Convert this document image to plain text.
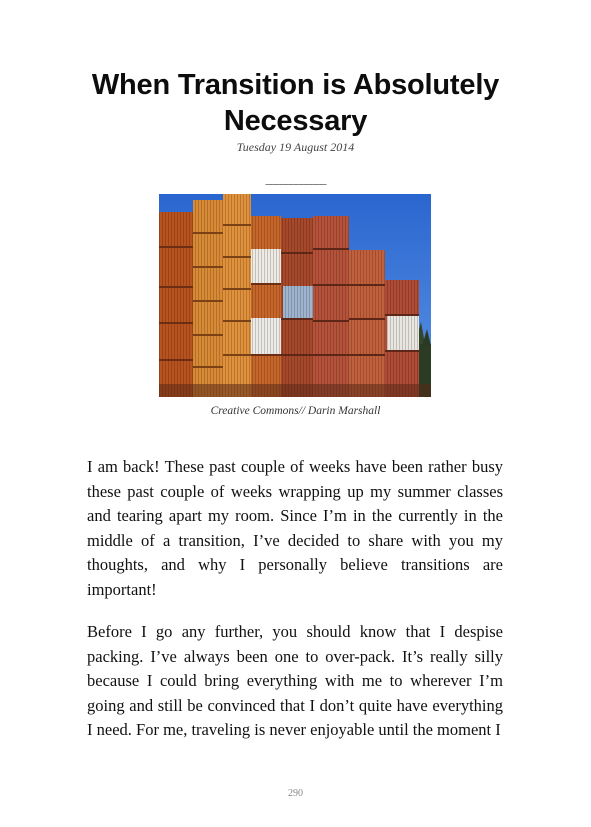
When Transition is Absolutely Necessary
Tuesday 19 August 2014
____________
Creative Commons// Darin Marshall

I am back! These past couple of weeks have been rather busy these past couple of weeks wrapping up my summer classes and tearing apart my room. Since I’m in the currently in the middle of a transition, I’ve decided to share with you my thoughts, and why I personally believe transitions are important!

Before I go any further, you should know that I despise packing. I’ve always been one to over-pack. It’s really silly because I could bring everything with me to wherever I’m going and still be convinced that I don’t quite have everything I need. For me, traveling is never enjoyable until the moment I

290
